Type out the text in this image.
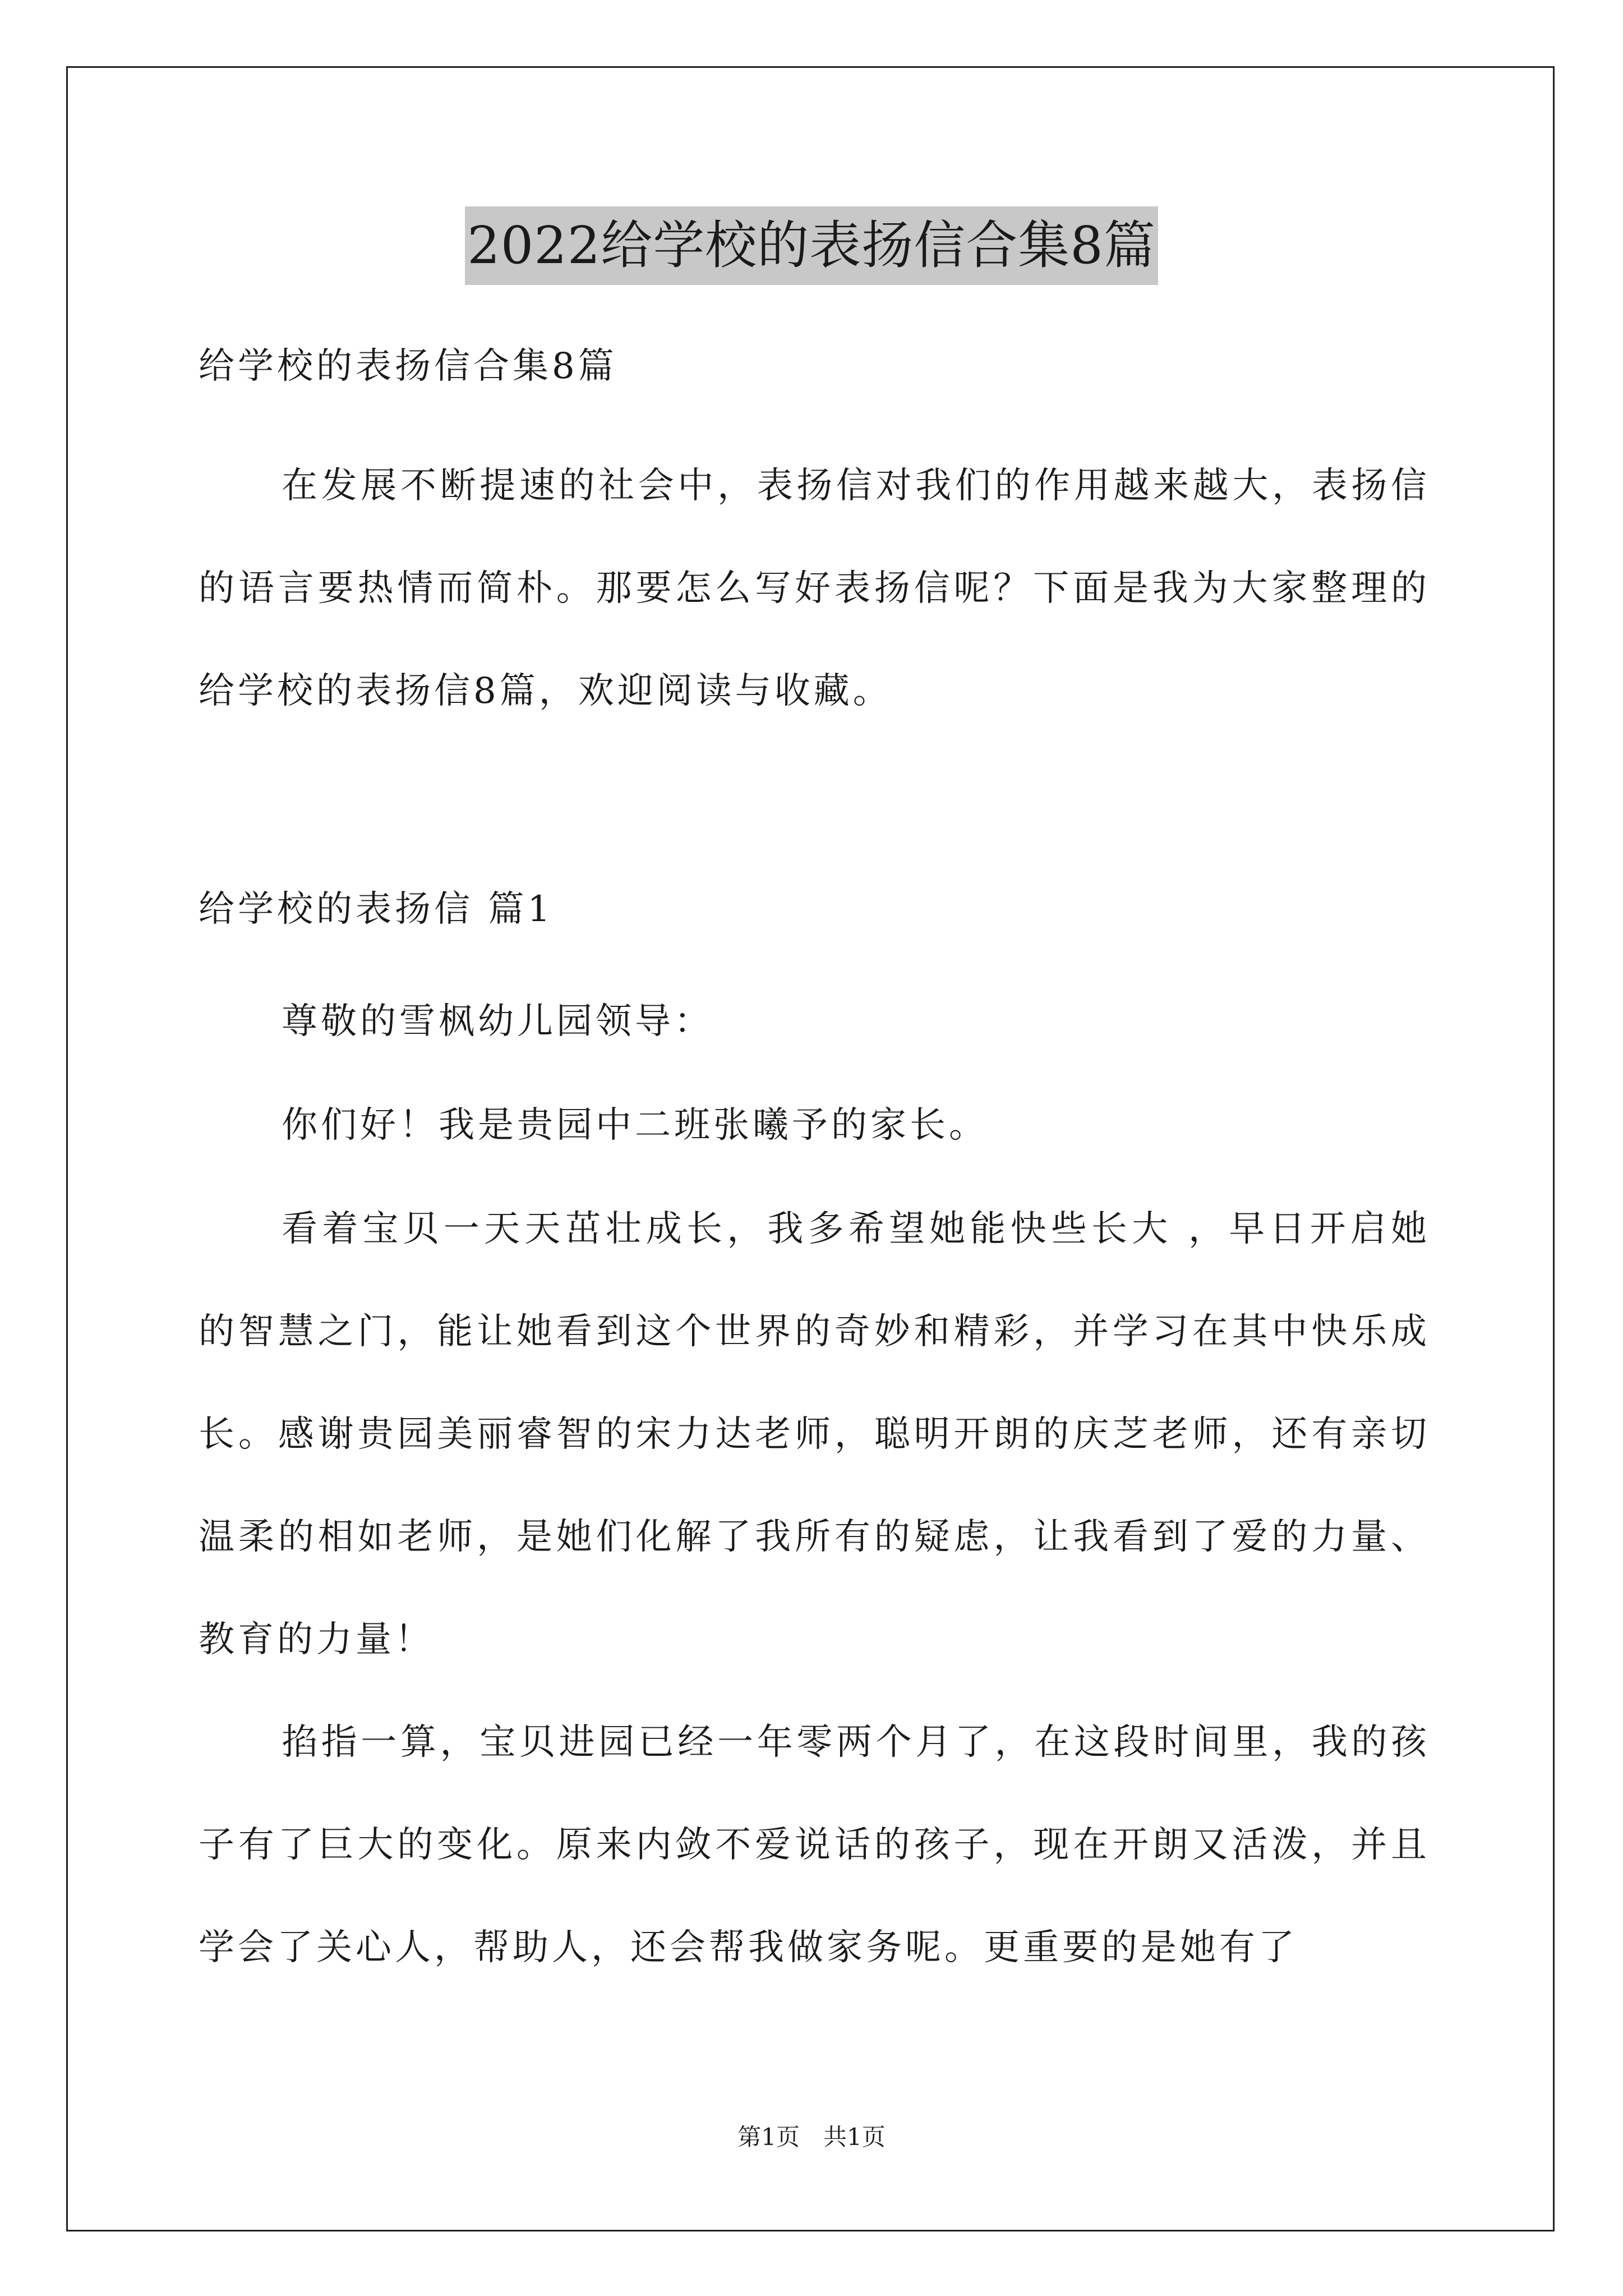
2022给学校的表扬信合集8篇

给学校的表扬信合集8篇

在发展不断提速的社会中，表扬信对我们的作用越来越大，表扬信的语言要热情而简朴。那要怎么写好表扬信呢？下面是我为大家整理的给学校的表扬信8篇，欢迎阅读与收藏。

给学校的表扬信 篇1

尊敬的雪枫幼儿园领导：

你们好！我是贵园中二班张曦予的家长。

看着宝贝一天天茁壮成长，我多希望她能快些长大 ，早日开启她的智慧之门，能让她看到这个世界的奇妙和精彩，并学习在其中快乐成长。感谢贵园美丽睿智的宋力达老师，聪明开朗的庆芝老师，还有亲切温柔的相如老师，是她们化解了我所有的疑虑，让我看到了爱的力量、教育的力量！

掐指一算，宝贝进园已经一年零两个月了，在这段时间里，我的孩子有了巨大的变化。原来内敛不爱说话的孩子，现在开朗又活泼，并且学会了关心人，帮助人，还会帮我做家务呢。更重要的是她有了

第1页　共1页
